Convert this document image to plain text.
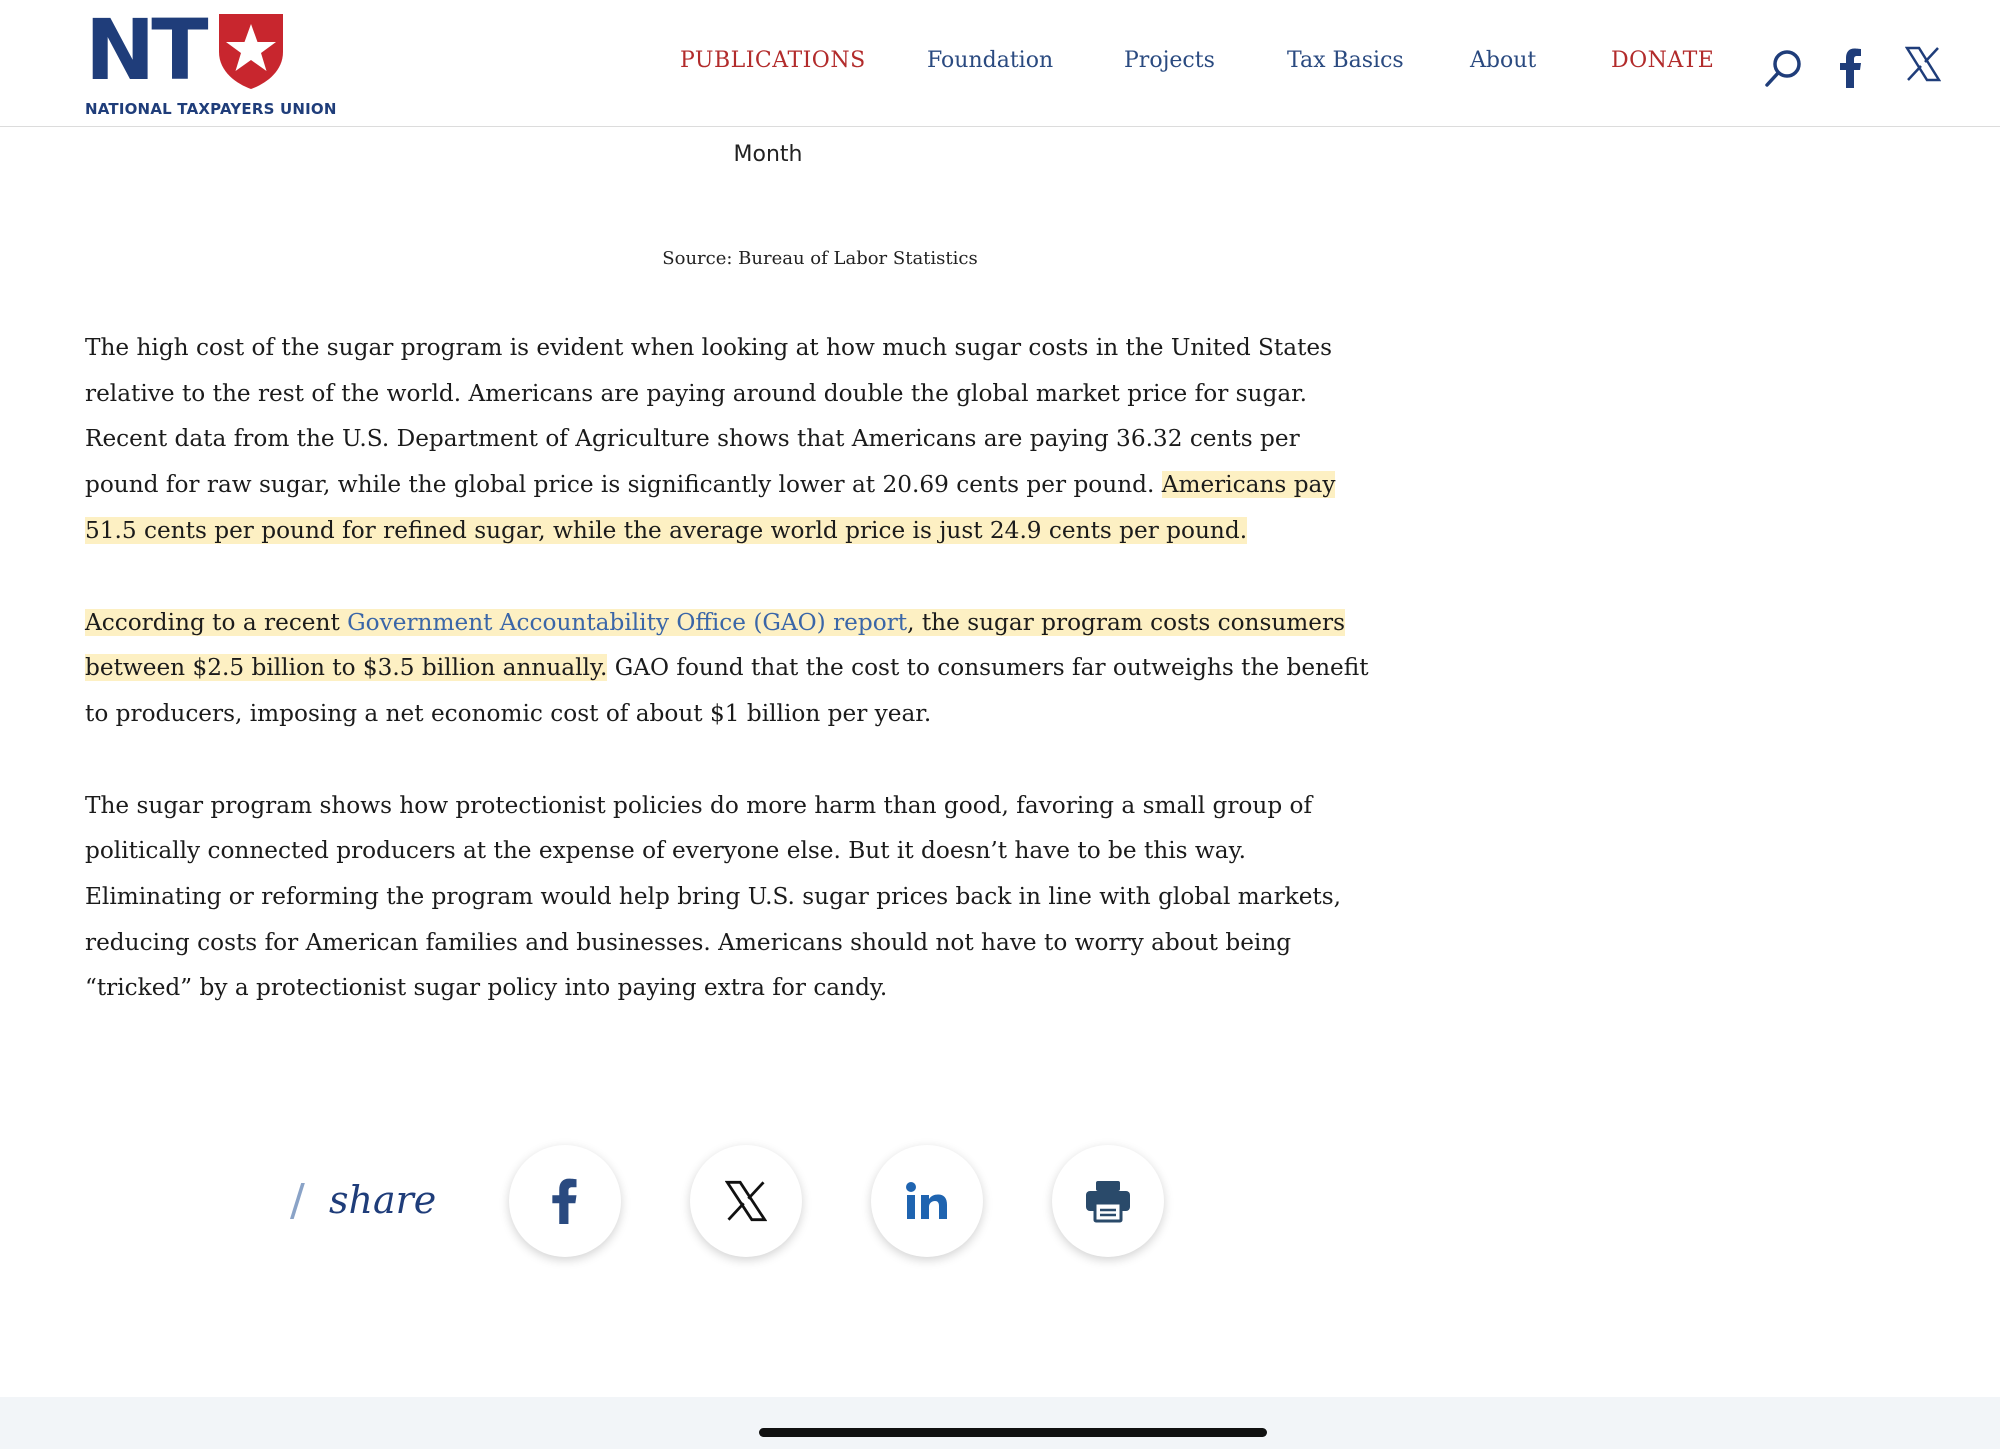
NT
NATIONAL TAXPAYERS UNION
PUBLICATIONS	Foundation	Projects	Tax Basics	About	DONATE
Month
Source: Bureau of Labor Statistics

The high cost of the sugar program is evident when looking at how much sugar costs in the United States relative to the rest of the world. Americans are paying around double the global market price for sugar. Recent data from the U.S. Department of Agriculture shows that Americans are paying 36.32 cents per pound for raw sugar, while the global price is significantly lower at 20.69 cents per pound. Americans pay 51.5 cents per pound for refined sugar, while the average world price is just 24.9 cents per pound.

According to a recent Government Accountability Office (GAO) report, the sugar program costs consumers between $2.5 billion to $3.5 billion annually. GAO found that the cost to consumers far outweighs the benefit to producers, imposing a net economic cost of about $1 billion per year.

The sugar program shows how protectionist policies do more harm than good, favoring a small group of politically connected producers at the expense of everyone else. But it doesn’t have to be this way. Eliminating or reforming the program would help bring U.S. sugar prices back in line with global markets, reducing costs for American families and businesses. Americans should not have to worry about being “tricked” by a protectionist sugar policy into paying extra for candy.

/ share
